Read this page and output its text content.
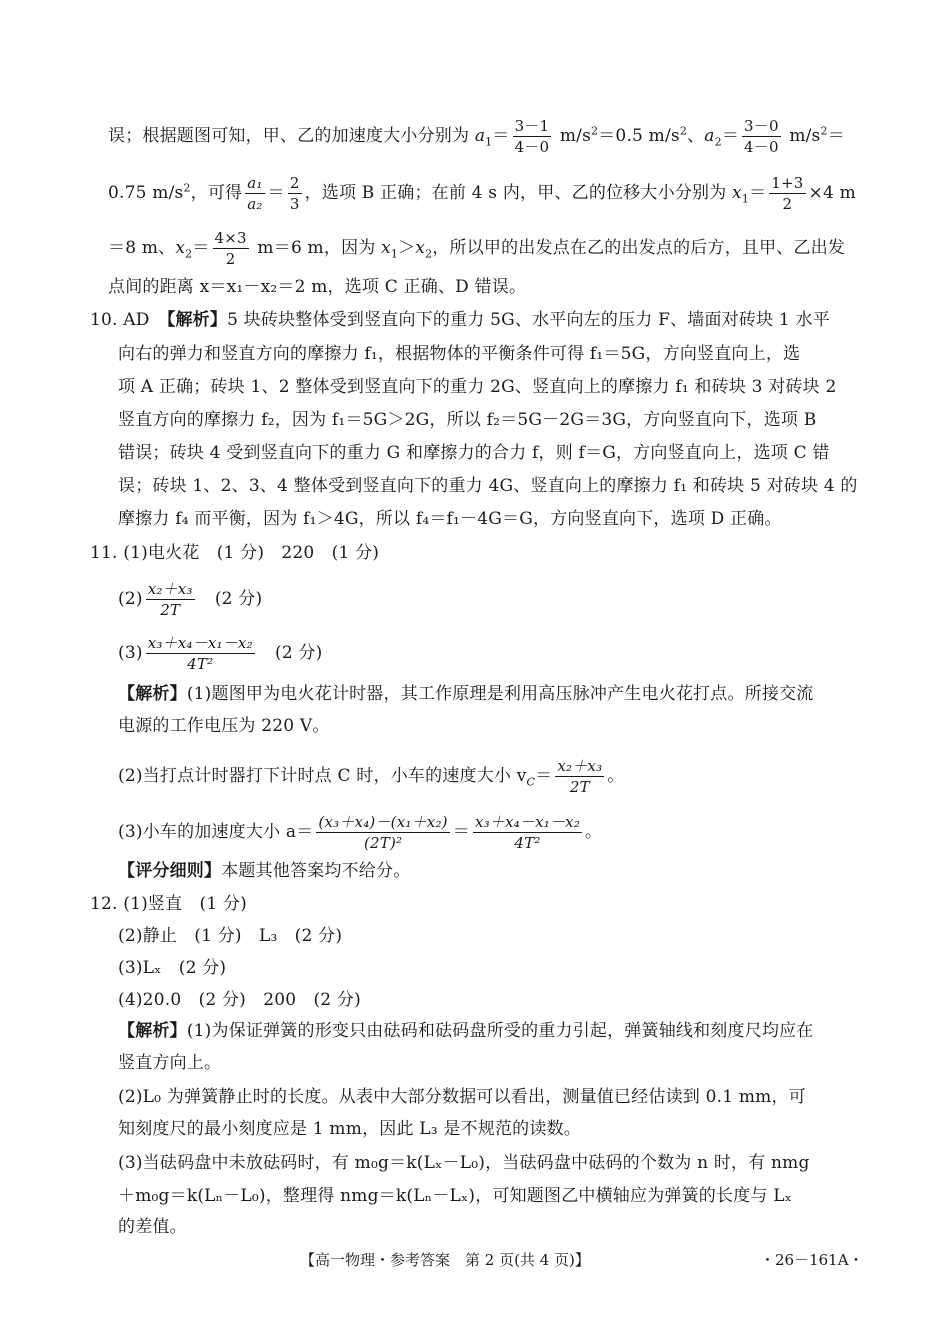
误；根据题图可知，甲、乙的加速度大小分别为 $a_1= \frac{3-1}{4-0} m/s^2=0.5$ $m/s^2$、$a_2= \frac{3-0}{4-0} m/s^2=$
0.75 $m/s^2$，可得 $\frac{\text{a₁}}{\text{a₂}} = \frac{2}{3}$ ，选项 B 正确；在前 4 s 内，甲、乙的位移大小分别为 $x_1= \frac{1+3}{2} \times 4$ m
＝8 m、$x_2= \frac{4\times 3}{2} m=6$ m，因为 $x_1>x_2$，所以甲的出发点在乙的出发点的后方，且甲、乙出发
点间的距离 x＝x₁－x₂＝2 m，选项 C 正确、D 错误。
10. AD　 【解析】5 块砖块整体受到竖直向下的重力 5G、水平向左的压力 F、墙面对砖块 1 水平
向右的弹力和竖直方向的摩擦力 f₁，根据物体的平衡条件可得 f₁＝5G，方向竖直向上，选
项 A 正确；砖块 1、2 整体受到竖直向下的重力 2G、竖直向上的摩擦力 f₁ 和砖块 3 对砖块 2
竖直方向的摩擦力 f₂，因为 f₁＝5G＞2G，所以 f₂＝5G－2G＝3G，方向竖直向下，选项 B
错误；砖块 4 受到竖直向下的重力 G 和摩擦力的合力 f，则 f＝G，方向竖直向上，选项 C 错
误；砖块 1、2、3、4 整体受到竖直向下的重力 4G、竖直向上的摩擦力 f₁ 和砖块 5 对砖块 4 的
摩擦力 f₄ 而平衡，因为 f₁＞4G，所以 f₄＝f₁－4G＝G，方向竖直向下，选项 D 正确。
11. (1)电火花　(1 分)　220　(1 分)
$(2) \frac{\text{x₂＋x₃}}{2T}$
　 (2 分)
$(3) \frac{\text{x₃＋x₄－x₁－x₂}}{\text{4T²}}$
　 (2 分)
【解析】(1)题图甲为电火花计时器，其工作原理是利用高压脉冲产生电火花打点。所接交流
电源的工作电压为 220 V。
(2)当打点计时器打下计时点 C 时，小车的速度大小 $v_C= \frac{\text{x₂＋x₃}}{2T}$ 。
(3)小车的加速度大小 $a= \frac{\text{(x₃＋x₄)－(x₁＋x₂)}}{\text{(2T)²}} = \frac{\text{x₃＋x₄－x₁－x₂}}{\text{4T²}}$ 。
【评分细则】本题其他答案均不给分。
12. (1)竖直　(1 分)
(2)静止　(1 分)　L₃　(2 分)
(3)Lₓ　(2 分)
(4)20.0　(2 分)　200　(2 分)
【解析】(1)为保证弹簧的形变只由砝码和砝码盘所受的重力引起，弹簧轴线和刻度尺均应在
竖直方向上。
(2)L₀ 为弹簧静止时的长度。从表中大部分数据可以看出，测量值已经估读到 0.1 mm，可
知刻度尺的最小刻度应是 1 mm，因此 L₃ 是不规范的读数。
(3)当砝码盘中未放砝码时，有 m₀g＝k(Lₓ－L₀)，当砝码盘中砝码的个数为 n 时，有 nmg
＋m₀g＝k(Lₙ－L₀)，整理得 nmg＝k(Lₙ－Lₓ)，可知题图乙中横轴应为弹簧的长度与 Lₓ
的差值。
【高一物理・参考答案　第 2 页(共 4 页)】	・26－161A・
